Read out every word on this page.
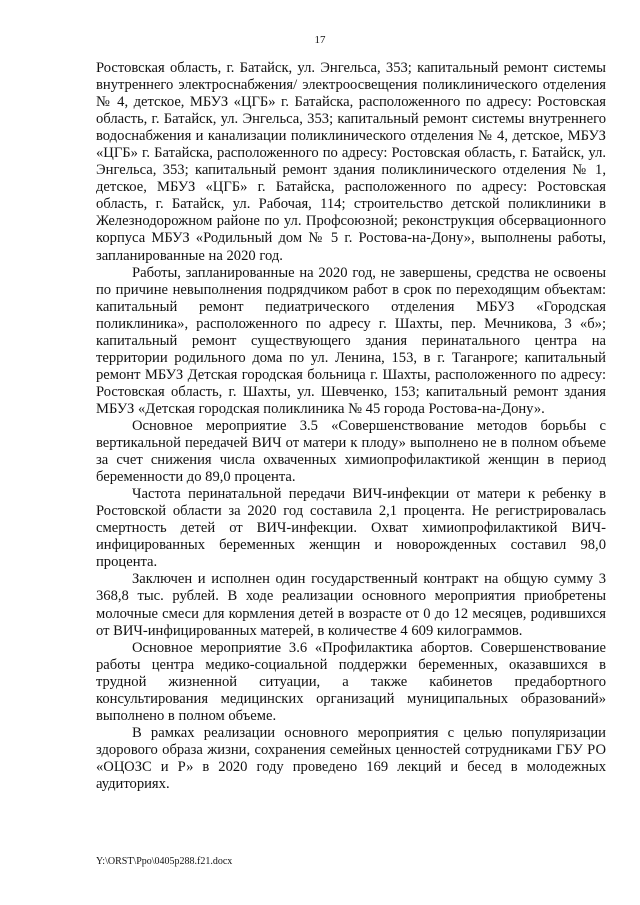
17

Ростовская область, г. Батайск, ул. Энгельса, 353; капитальный ремонт системы внутреннего электроснабжения/ электроосвещения поликлинического отделения № 4, детское, МБУЗ «ЦГБ» г. Батайска, расположенного по адресу: Ростовская область, г. Батайск, ул. Энгельса, 353; капитальный ремонт системы внутреннего водоснабжения и канализации поликлинического отделения № 4, детское, МБУЗ «ЦГБ» г. Батайска, расположенного по адресу: Ростовская область, г. Батайск, ул. Энгельса, 353; капитальный ремонт здания поликлинического отделения № 1, детское, МБУЗ «ЦГБ» г. Батайска, расположенного по адресу: Ростовская область, г. Батайск, ул. Рабочая, 114; строительство детской поликлиники в Железнодорожном районе по ул. Профсоюзной; реконструкция обсервационного корпуса МБУЗ «Родильный дом № 5 г. Ростова-на-Дону», выполнены работы, запланированные на 2020 год.

Работы, запланированные на 2020 год, не завершены, средства не освоены по причине невыполнения подрядчиком работ в срок по переходящим объектам: капитальный ремонт педиатрического отделения МБУЗ «Городская поликлиника», расположенного по адресу г. Шахты, пер. Мечникова, 3 «б»; капитальный ремонт существующего здания перинатального центра на территории родильного дома по ул. Ленина, 153, в г. Таганроге; капитальный ремонт МБУЗ Детская городская больница г. Шахты, расположенного по адресу: Ростовская область, г. Шахты, ул. Шевченко, 153; капитальный ремонт здания МБУЗ «Детская городская поликлиника № 45 города Ростова-на-Дону».

Основное мероприятие 3.5 «Совершенствование методов борьбы с вертикальной передачей ВИЧ от матери к плоду» выполнено не в полном объеме за счет снижения числа охваченных химиопрофилактикой женщин в период беременности до 89,0 процента.

Частота перинатальной передачи ВИЧ-инфекции от матери к ребенку в Ростовской области за 2020 год составила 2,1 процента. Не регистрировалась смертность детей от ВИЧ-инфекции. Охват химиопрофилактикой ВИЧ-инфицированных беременных женщин и новорожденных составил 98,0 процента.

Заключен и исполнен один государственный контракт на общую сумму 3 368,8 тыс. рублей. В ходе реализации основного мероприятия приобретены молочные смеси для кормления детей в возрасте от 0 до 12 месяцев, родившихся от ВИЧ-инфицированных матерей, в количестве 4 609 килограммов.

Основное мероприятие 3.6 «Профилактика абортов. Совершенствование работы центра медико-социальной поддержки беременных, оказавшихся в трудной жизненной ситуации, а также кабинетов предабортного консультирования медицинских организаций муниципальных образований» выполнено в полном объеме.

В рамках реализации основного мероприятия с целью популяризации здорового образа жизни, сохранения семейных ценностей сотрудниками ГБУ РО «ОЦОЗС и Р» в 2020 году проведено 169 лекций и бесед в молодежных аудиториях.

Y:\ORST\Ppo\0405p288.f21.docx
